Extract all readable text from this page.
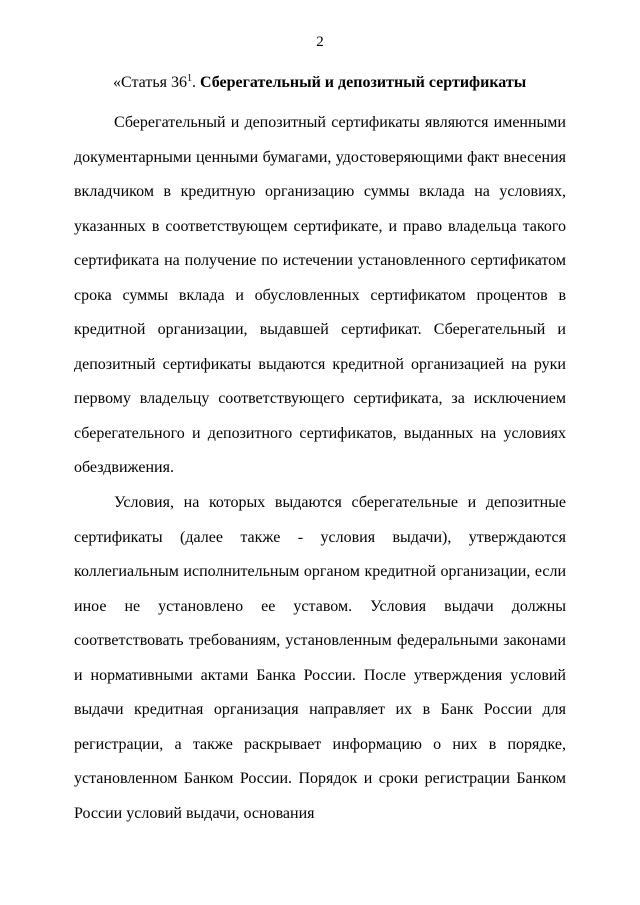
2
«Статья $36^1$. Сберегательный и депозитный сертификаты

Сберегательный и депозитный сертификаты являются именными документарными ценными бумагами, удостоверяющими факт внесения вкладчиком в кредитную организацию суммы вклада на условиях, указанных в соответствующем сертификате, и право владельца такого сертификата на получение по истечении установленного сертификатом срока суммы вклада и обусловленных сертификатом процентов в кредитной организации, выдавшей сертификат. Сберегательный и депозитный сертификаты выдаются кредитной организацией на руки первому владельцу соответствующего сертификата, за исключением сберегательного и депозитного сертификатов, выданных на условиях обездвижения.

Условия, на которых выдаются сберегательные и депозитные сертификаты (далее также - условия выдачи), утверждаются коллегиальным исполнительным органом кредитной организации, если иное не установлено ее уставом. Условия выдачи должны соответствовать требованиям, установленным федеральными законами и нормативными актами Банка России. После утверждения условий выдачи кредитная организация направляет их в Банк России для регистрации, а также раскрывает информацию о них в порядке, установленном Банком России. Порядок и сроки регистрации Банком России условий выдачи, основания
